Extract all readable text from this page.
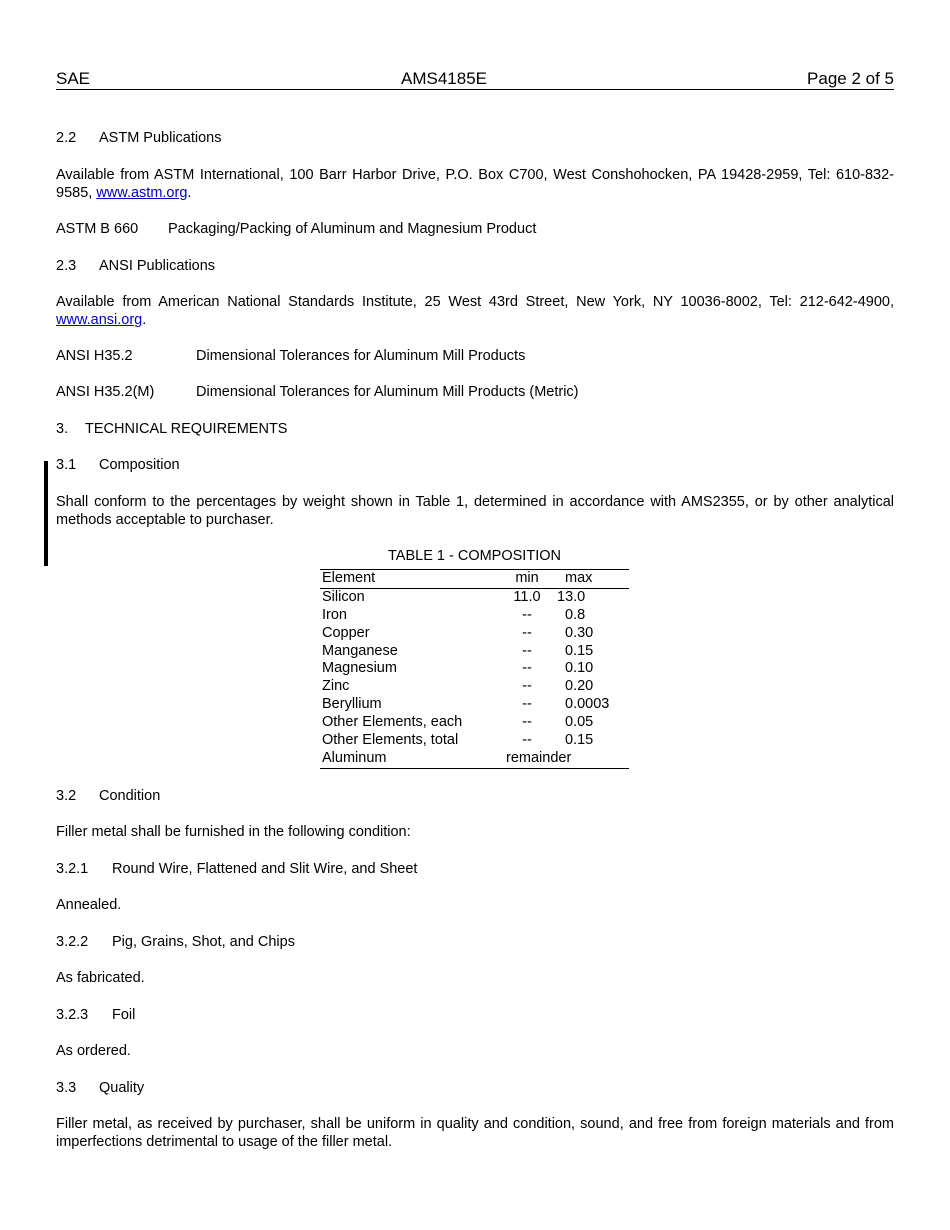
SAE	AMS4185E	Page 2 of 5
2.2 ASTM Publications
Available from ASTM International, 100 Barr Harbor Drive, P.O. Box C700, West Conshohocken, PA 19428-2959, Tel: 610-832-9585, www.astm.org.
ASTM B 660 Packaging/Packing of Aluminum and Magnesium Product
2.3 ANSI Publications
Available from American National Standards Institute, 25 West 43rd Street, New York, NY 10036-8002, Tel: 212-642-4900, www.ansi.org.
ANSI H35.2	Dimensional Tolerances for Aluminum Mill Products
ANSI H35.2(M)	Dimensional Tolerances for Aluminum Mill Products (Metric)
3. TECHNICAL REQUIREMENTS
3.1 Composition
Shall conform to the percentages by weight shown in Table 1, determined in accordance with AMS2355, or by other analytical methods acceptable to purchaser.
TABLE 1 - COMPOSITION
Element	min	max
Silicon	11.0	13.0
Iron	--	0.8
Copper	--	0.30
Manganese	--	0.15
Magnesium	--	0.10
Zinc	--	0.20
Beryllium	--	0.0003
Other Elements, each	--	0.05
Other Elements, total	--	0.15
Aluminum	remainder
3.2 Condition
Filler metal shall be furnished in the following condition:
3.2.1 Round Wire, Flattened and Slit Wire, and Sheet
Annealed.
3.2.2 Pig, Grains, Shot, and Chips
As fabricated.
3.2.3 Foil
As ordered.
3.3 Quality
Filler metal, as received by purchaser, shall be uniform in quality and condition, sound, and free from foreign materials and from imperfections detrimental to usage of the filler metal.
